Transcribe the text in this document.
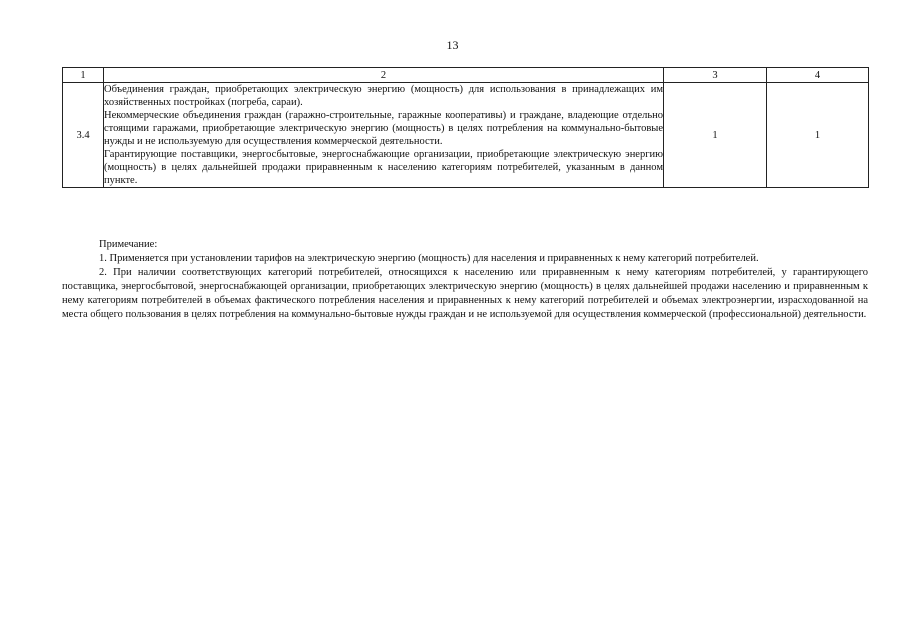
13
1	2	3	4
3.4	Объединения граждан, приобретающих электрическую энергию (мощность) для использования в принадлежащих им хозяйственных постройках (погреба, сараи).

Некоммерческие объединения граждан (гаражно-строительные, гаражные кооперативы) и граждане, владеющие отдельно стоящими гаражами, приобретающие электрическую энергию (мощность) в целях потребления на коммунально-бытовые нужды и не используемую для осуществления коммерческой деятельности.

Гарантирующие поставщики, энергосбытовые, энергоснабжающие организации, приобретающие электрическую энергию (мощность) в целях дальнейшей продажи приравненным к населению категориям потребителей, указанным в данном пункте.	1	1

Примечание:

1. Применяется при установлении тарифов на электрическую энергию (мощность) для населения и приравненных к нему категорий потребителей.

2. При наличии соответствующих категорий потребителей, относящихся к населению или приравненным к нему категориям потребителей, у гарантирующего поставщика, энергосбытовой, энергоснабжающей организации, приобретающих электрическую энергию (мощность) в целях дальнейшей продажи населению и приравненным к нему категориям потребителей в объемах фактического потребления населения и приравненных к нему категорий потребителей и объемах электроэнергии, израсходованной на места общего пользования в целях потребления на коммунально-бытовые нужды граждан и не используемой для осуществления коммерческой (профессиональной) деятельности.
